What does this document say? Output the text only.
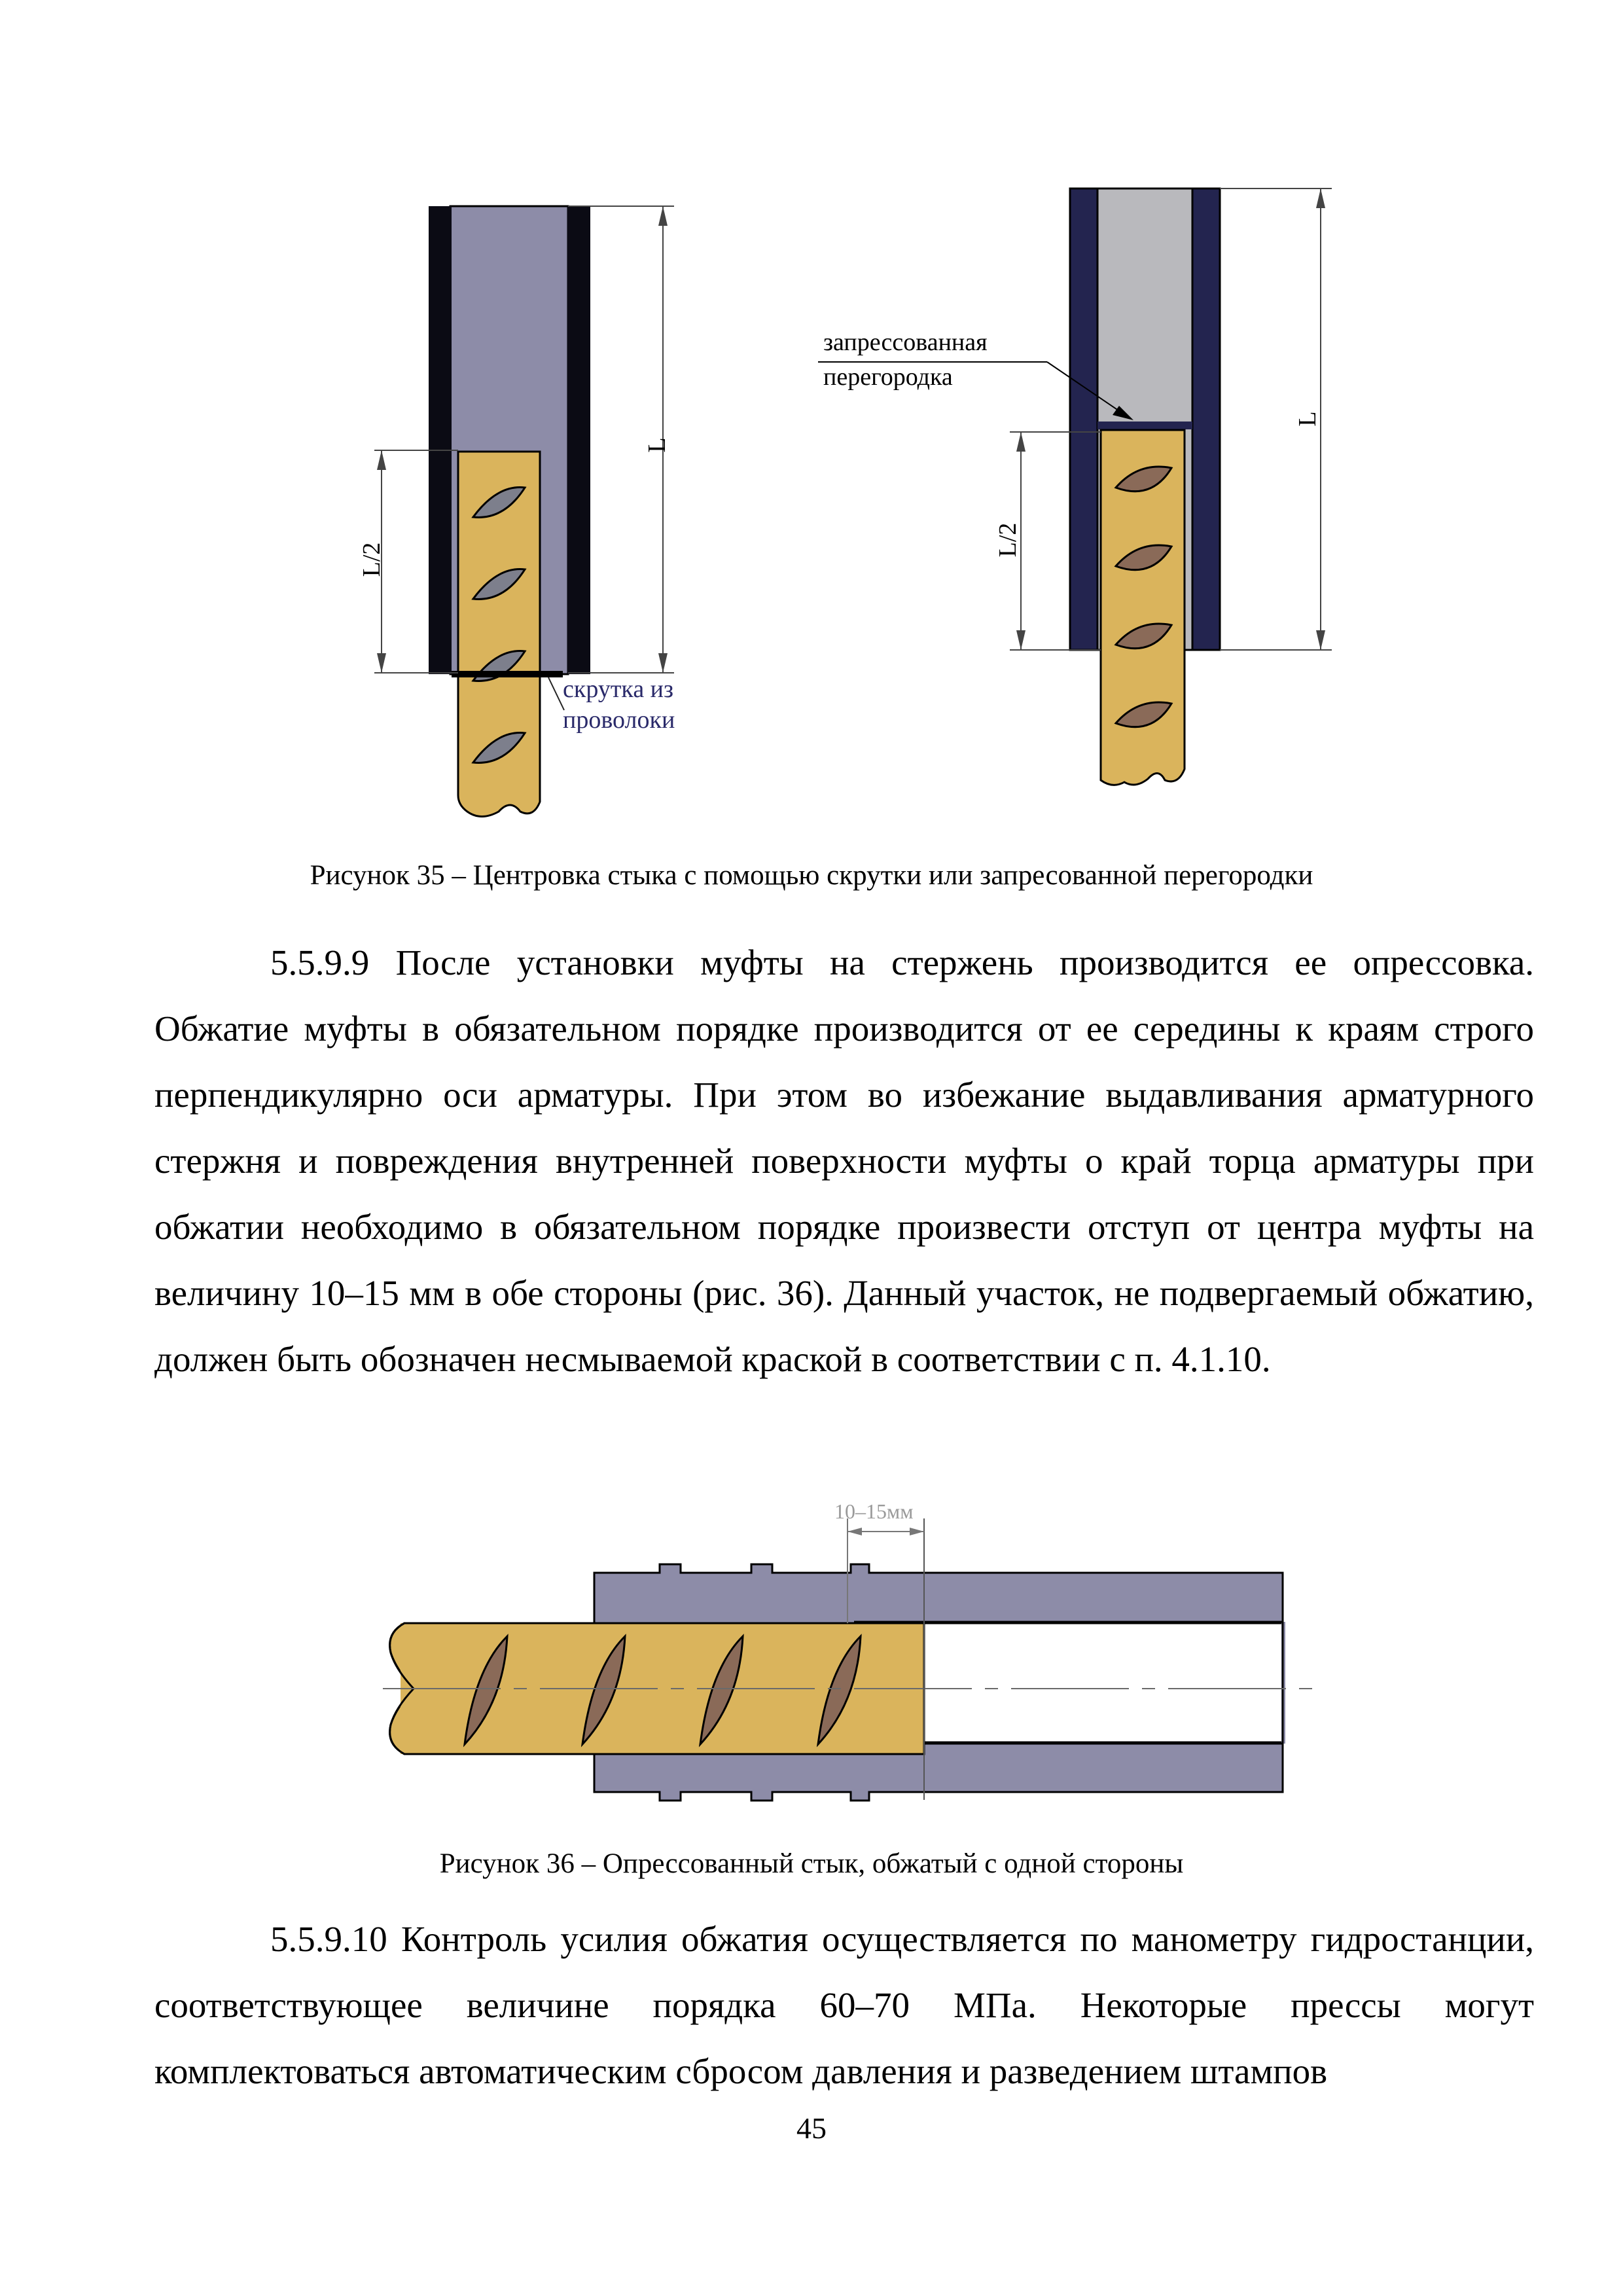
L
L/2
скрутка из
проволоки
запрессованная
перегородка
L
L/2
Рисунок 35 – Центровка стыка с помощью скрутки или запресованной перегородки

5.5.9.9 После установки муфты на стержень производится ее опрессовка. Обжатие муфты в обязательном порядке производится от ее середины к краям строго перпендикулярно оси арматуры. При этом во избежание выдавливания арматурного стержня и повреждения внутренней поверхности муфты о край торца арматуры при обжатии необходимо в обязательном порядке произвести отступ от центра муфты на величину 10–15 мм в обе стороны (рис. 36). Данный участок, не подвергаемый обжатию, должен быть обозначен несмываемой краской в соответствии с п. 4.1.10.

10–15мм
Рисунок 36 – Опрессованный стык, обжатый с одной стороны

5.5.9.10 Контроль усилия обжатия осуществляется по манометру гидростанции, соответствующее величине порядка 60–70 МПа. Некоторые прессы могут комплектоваться автоматическим сбросом давления и разведением штампов

45
